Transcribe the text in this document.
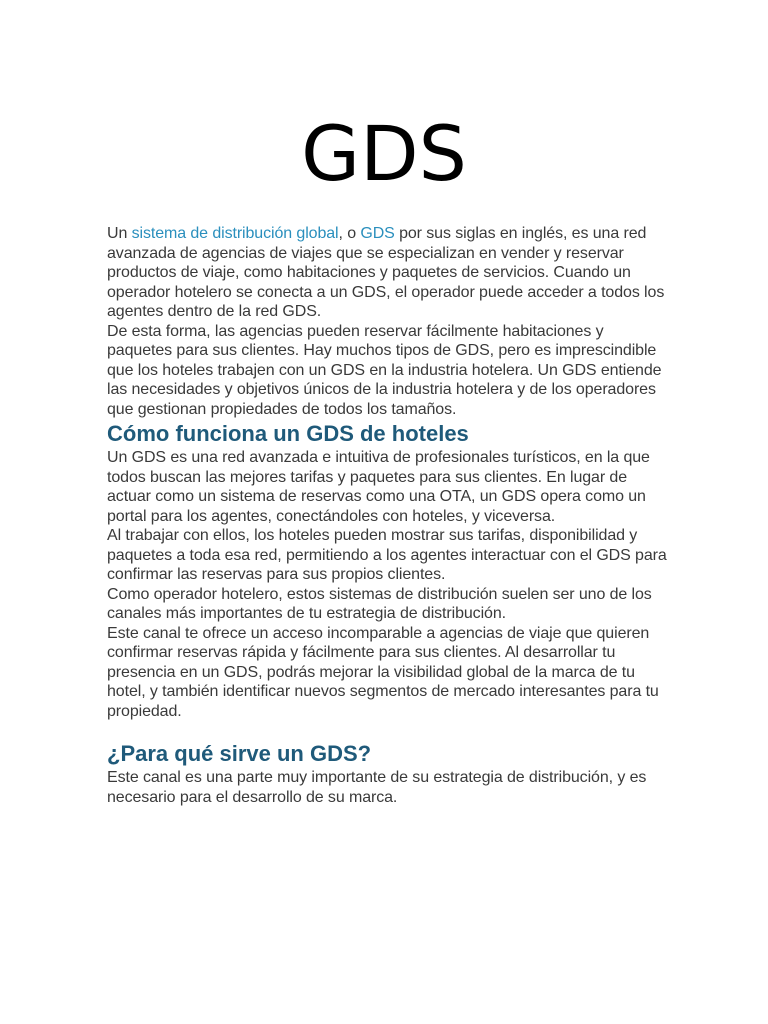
GDS

Un sistema de distribución global, o GDS por sus siglas en inglés, es una red avanzada de agencias de viajes que se especializan en vender y reservar productos de viaje, como habitaciones y paquetes de servicios. Cuando un operador hotelero se conecta a un GDS, el operador puede acceder a todos los agentes dentro de la red GDS.

De esta forma, las agencias pueden reservar fácilmente habitaciones y paquetes para sus clientes. Hay muchos tipos de GDS, pero es imprescindible que los hoteles trabajen con un GDS en la industria hotelera. Un GDS entiende las necesidades y objetivos únicos de la industria hotelera y de los operadores que gestionan propiedades de todos los tamaños.

Cómo funciona un GDS de hoteles

Un GDS es una red avanzada e intuitiva de profesionales turísticos, en la que todos buscan las mejores tarifas y paquetes para sus clientes. En lugar de actuar como un sistema de reservas como una OTA, un GDS opera como un portal para los agentes, conectándoles con hoteles, y viceversa.

Al trabajar con ellos, los hoteles pueden mostrar sus tarifas, disponibilidad y paquetes a toda esa red, permitiendo a los agentes interactuar con el GDS para confirmar las reservas para sus propios clientes.

Como operador hotelero, estos sistemas de distribución suelen ser uno de los canales más importantes de tu estrategia de distribución.

Este canal te ofrece un acceso incomparable a agencias de viaje que quieren confirmar reservas rápida y fácilmente para sus clientes. Al desarrollar tu presencia en un GDS, podrás mejorar la visibilidad global de la marca de tu hotel, y también identificar nuevos segmentos de mercado interesantes para tu propiedad.

¿Para qué sirve un GDS?

Este canal es una parte muy importante de su estrategia de distribución, y es necesario para el desarrollo de su marca.
